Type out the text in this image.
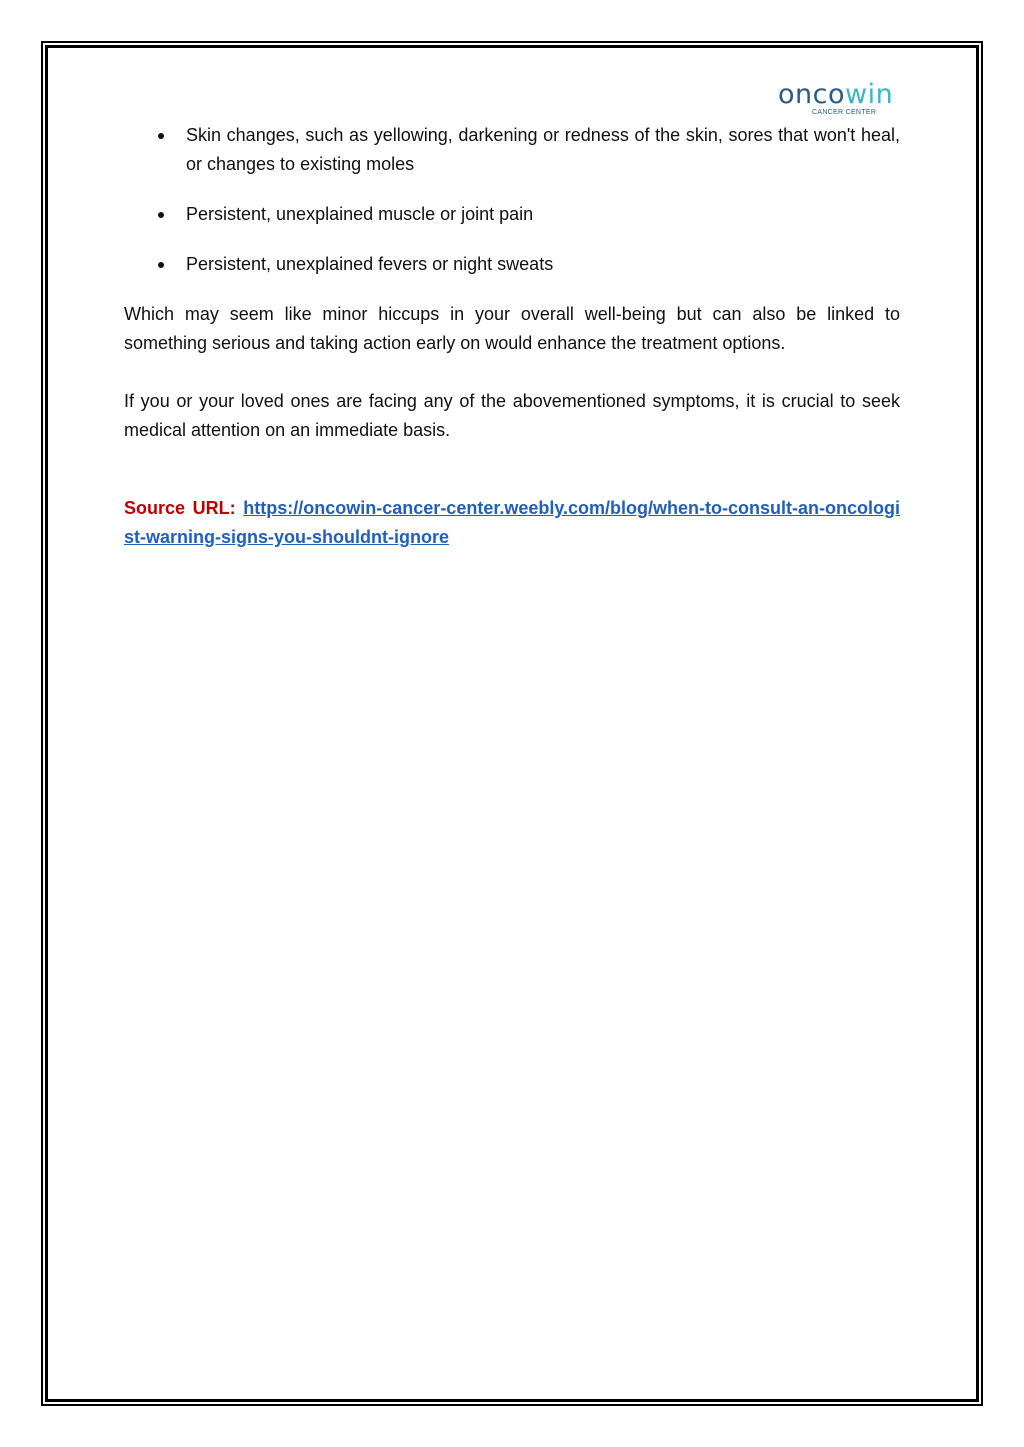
oncowin
CANCER CENTER
Skin changes, such as yellowing, darkening or redness of the skin, sores that won't heal, or changes to existing moles
Persistent, unexplained muscle or joint pain
Persistent, unexplained fevers or night sweats

Which may seem like minor hiccups in your overall well-being but can also be linked to something serious and taking action early on would enhance the treatment options.

If you or your loved ones are facing any of the abovementioned symptoms, it is crucial to seek medical attention on an immediate basis.

Source URL: https://oncowin-cancer-center.weebly.com/blog/when-to-consult-an-oncologist-warning-signs-you-shouldnt-ignore
